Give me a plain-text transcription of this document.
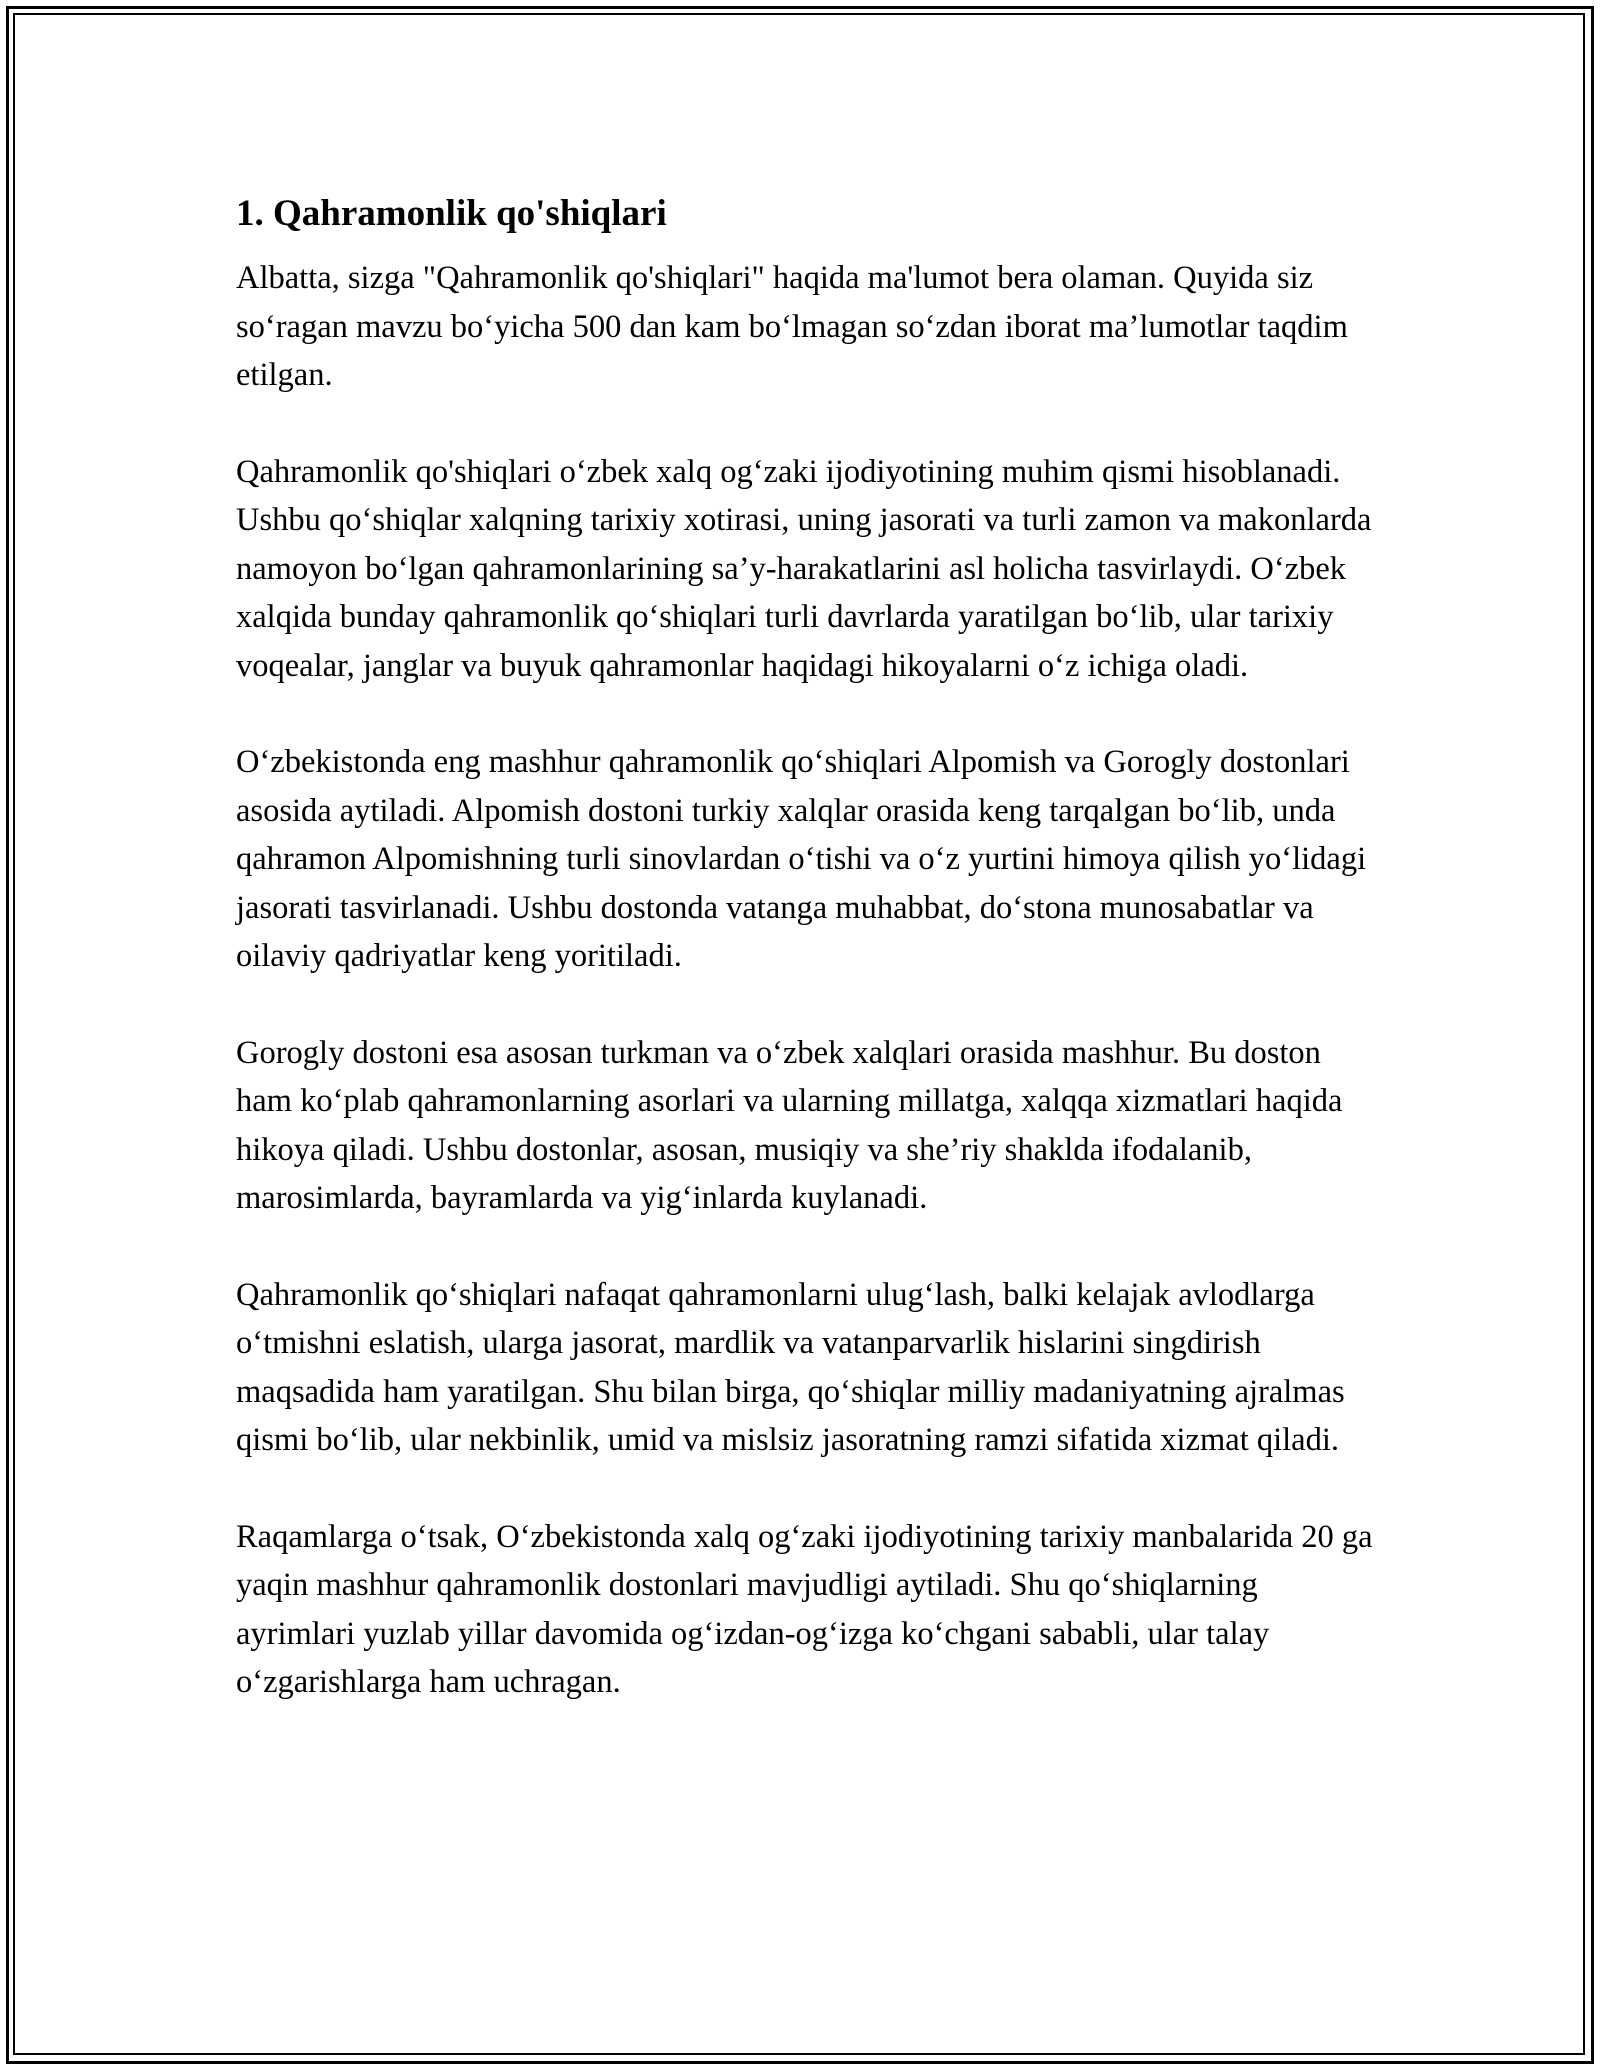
1. Qahramonlik qo'shiqlari

Albatta, sizga "Qahramonlik qo'shiqlari" haqida ma'lumot bera olaman. Quyida siz so‘ragan mavzu bo‘yicha 500 dan kam bo‘lmagan so‘zdan iborat ma’lumotlar taqdim etilgan.

Qahramonlik qo'shiqlari o‘zbek xalq og‘zaki ijodiyotining muhim qismi hisoblanadi. Ushbu qo‘shiqlar xalqning tarixiy xotirasi, uning jasorati va turli zamon va makonlarda namoyon bo‘lgan qahramonlarining sa’y-harakatlarini asl holicha tasvirlaydi. O‘zbek xalqida bunday qahramonlik qo‘shiqlari turli davrlarda yaratilgan bo‘lib, ular tarixiy voqealar, janglar va buyuk qahramonlar haqidagi hikoyalarni o‘z ichiga oladi.

O‘zbekistonda eng mashhur qahramonlik qo‘shiqlari Alpomish va Gorogly dostonlari asosida aytiladi. Alpomish dostoni turkiy xalqlar orasida keng tarqalgan bo‘lib, unda qahramon Alpomishning turli sinovlardan o‘tishi va o‘z yurtini himoya qilish yo‘lidagi jasorati tasvirlanadi. Ushbu dostonda vatanga muhabbat, do‘stona munosabatlar va oilaviy qadriyatlar keng yoritiladi.

Gorogly dostoni esa asosan turkman va o‘zbek xalqlari orasida mashhur. Bu doston ham ko‘plab qahramonlarning asorlari va ularning millatga, xalqqa xizmatlari haqida hikoya qiladi. Ushbu dostonlar, asosan, musiqiy va she’riy shaklda ifodalanib, marosimlarda, bayramlarda va yig‘inlarda kuylanadi.

Qahramonlik qo‘shiqlari nafaqat qahramonlarni ulug‘lash, balki kelajak avlodlarga o‘tmishni eslatish, ularga jasorat, mardlik va vatanparvarlik hislarini singdirish maqsadida ham yaratilgan. Shu bilan birga, qo‘shiqlar milliy madaniyatning ajralmas qismi bo‘lib, ular nekbinlik, umid va mislsiz jasoratning ramzi sifatida xizmat qiladi.

Raqamlarga o‘tsak, O‘zbekistonda xalq og‘zaki ijodiyotining tarixiy manbalarida 20 ga yaqin mashhur qahramonlik dostonlari mavjudligi aytiladi. Shu qo‘shiqlarning ayrimlari yuzlab yillar davomida og‘izdan-og‘izga ko‘chgani sababli, ular talay o‘zgarishlarga ham uchragan.
